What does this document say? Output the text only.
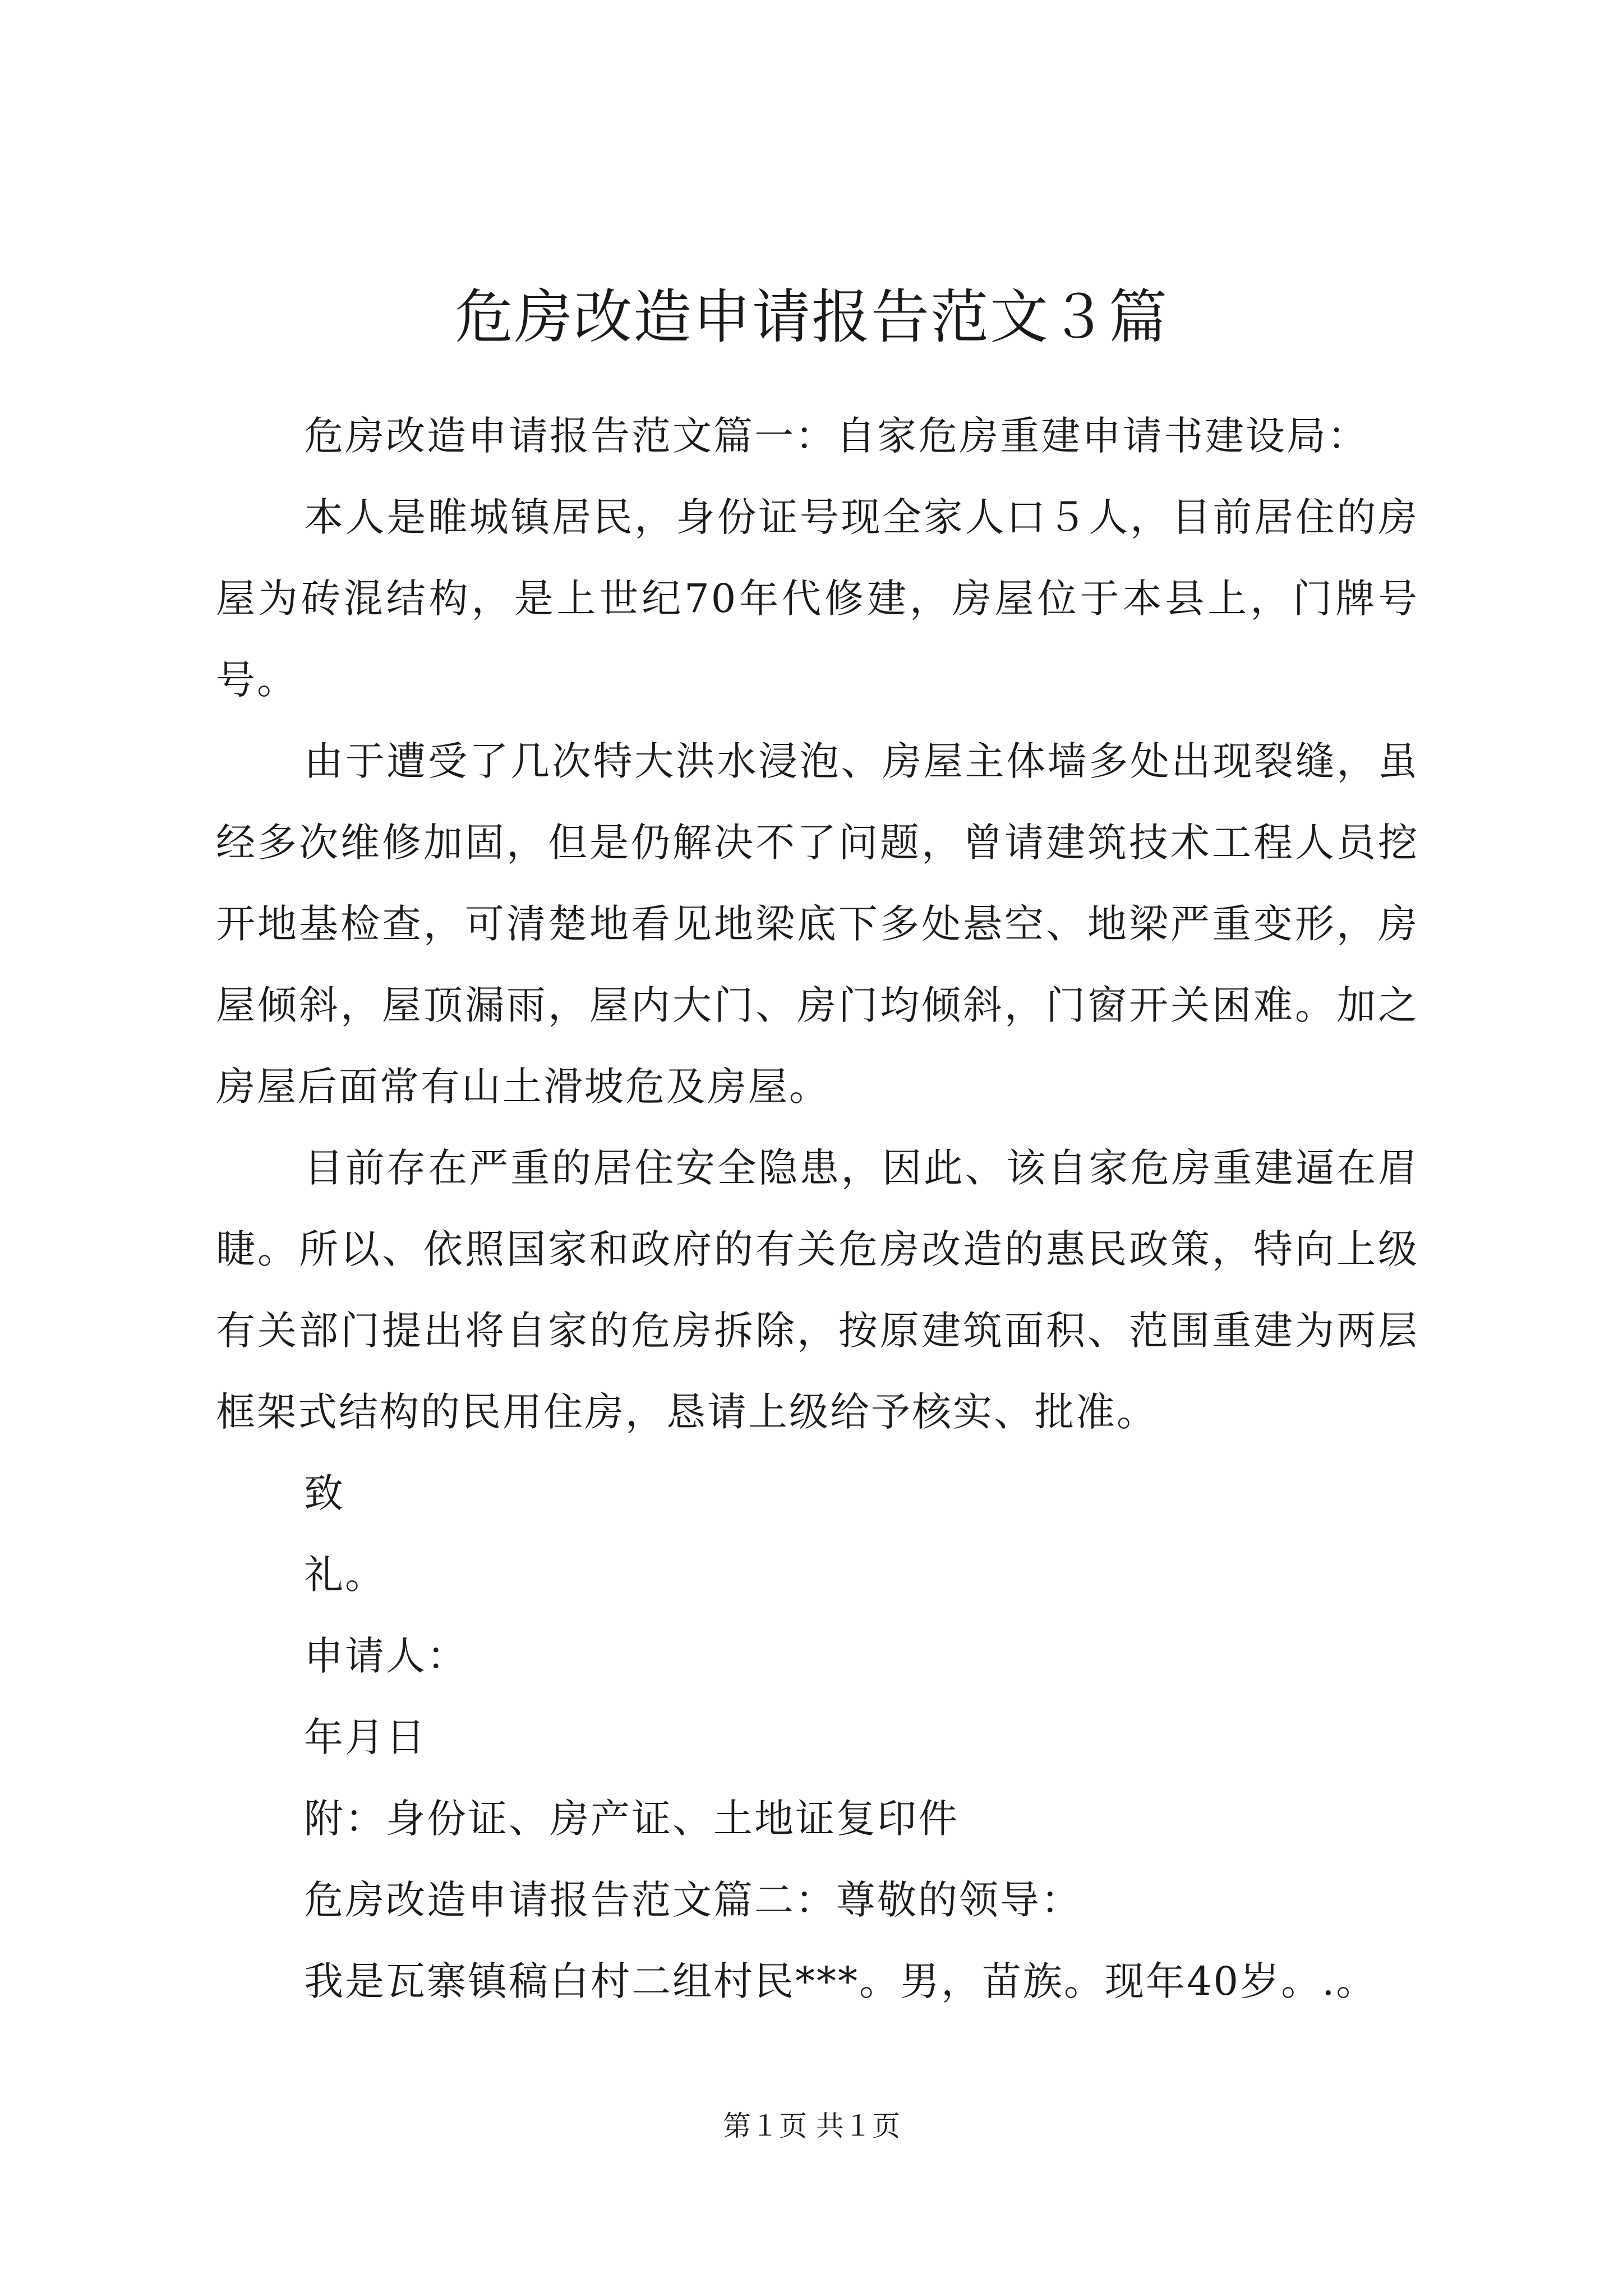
危房改造申请报告范文３篇

危房改造申请报告范文篇一：自家危房重建申请书建设局：

本人是睢城镇居民，身份证号现全家人口５人，目前居住的房屋为砖混结构，是上世纪70年代修建，房屋位于本县上，门牌号号。

由于遭受了几次特大洪水浸泡、房屋主体墙多处出现裂缝，虽经多次维修加固，但是仍解决不了问题，曾请建筑技术工程人员挖开地基检查，可清楚地看见地梁底下多处悬空、地梁严重变形，房屋倾斜，屋顶漏雨，屋内大门、房门均倾斜，门窗开关困难。加之房屋后面常有山土滑坡危及房屋。

目前存在严重的居住安全隐患，因此、该自家危房重建逼在眉睫。所以、依照国家和政府的有关危房改造的惠民政策，特向上级有关部门提出将自家的危房拆除，按原建筑面积、范围重建为两层框架式结构的民用住房，恳请上级给予核实、批准。

致

礼。

申请人：

年月日

附：身份证、房产证、土地证复印件

危房改造申请报告范文篇二：尊敬的领导：

我是瓦寨镇稿白村二组村民***。男，苗族。现年40岁。.。

第１页 共１页
